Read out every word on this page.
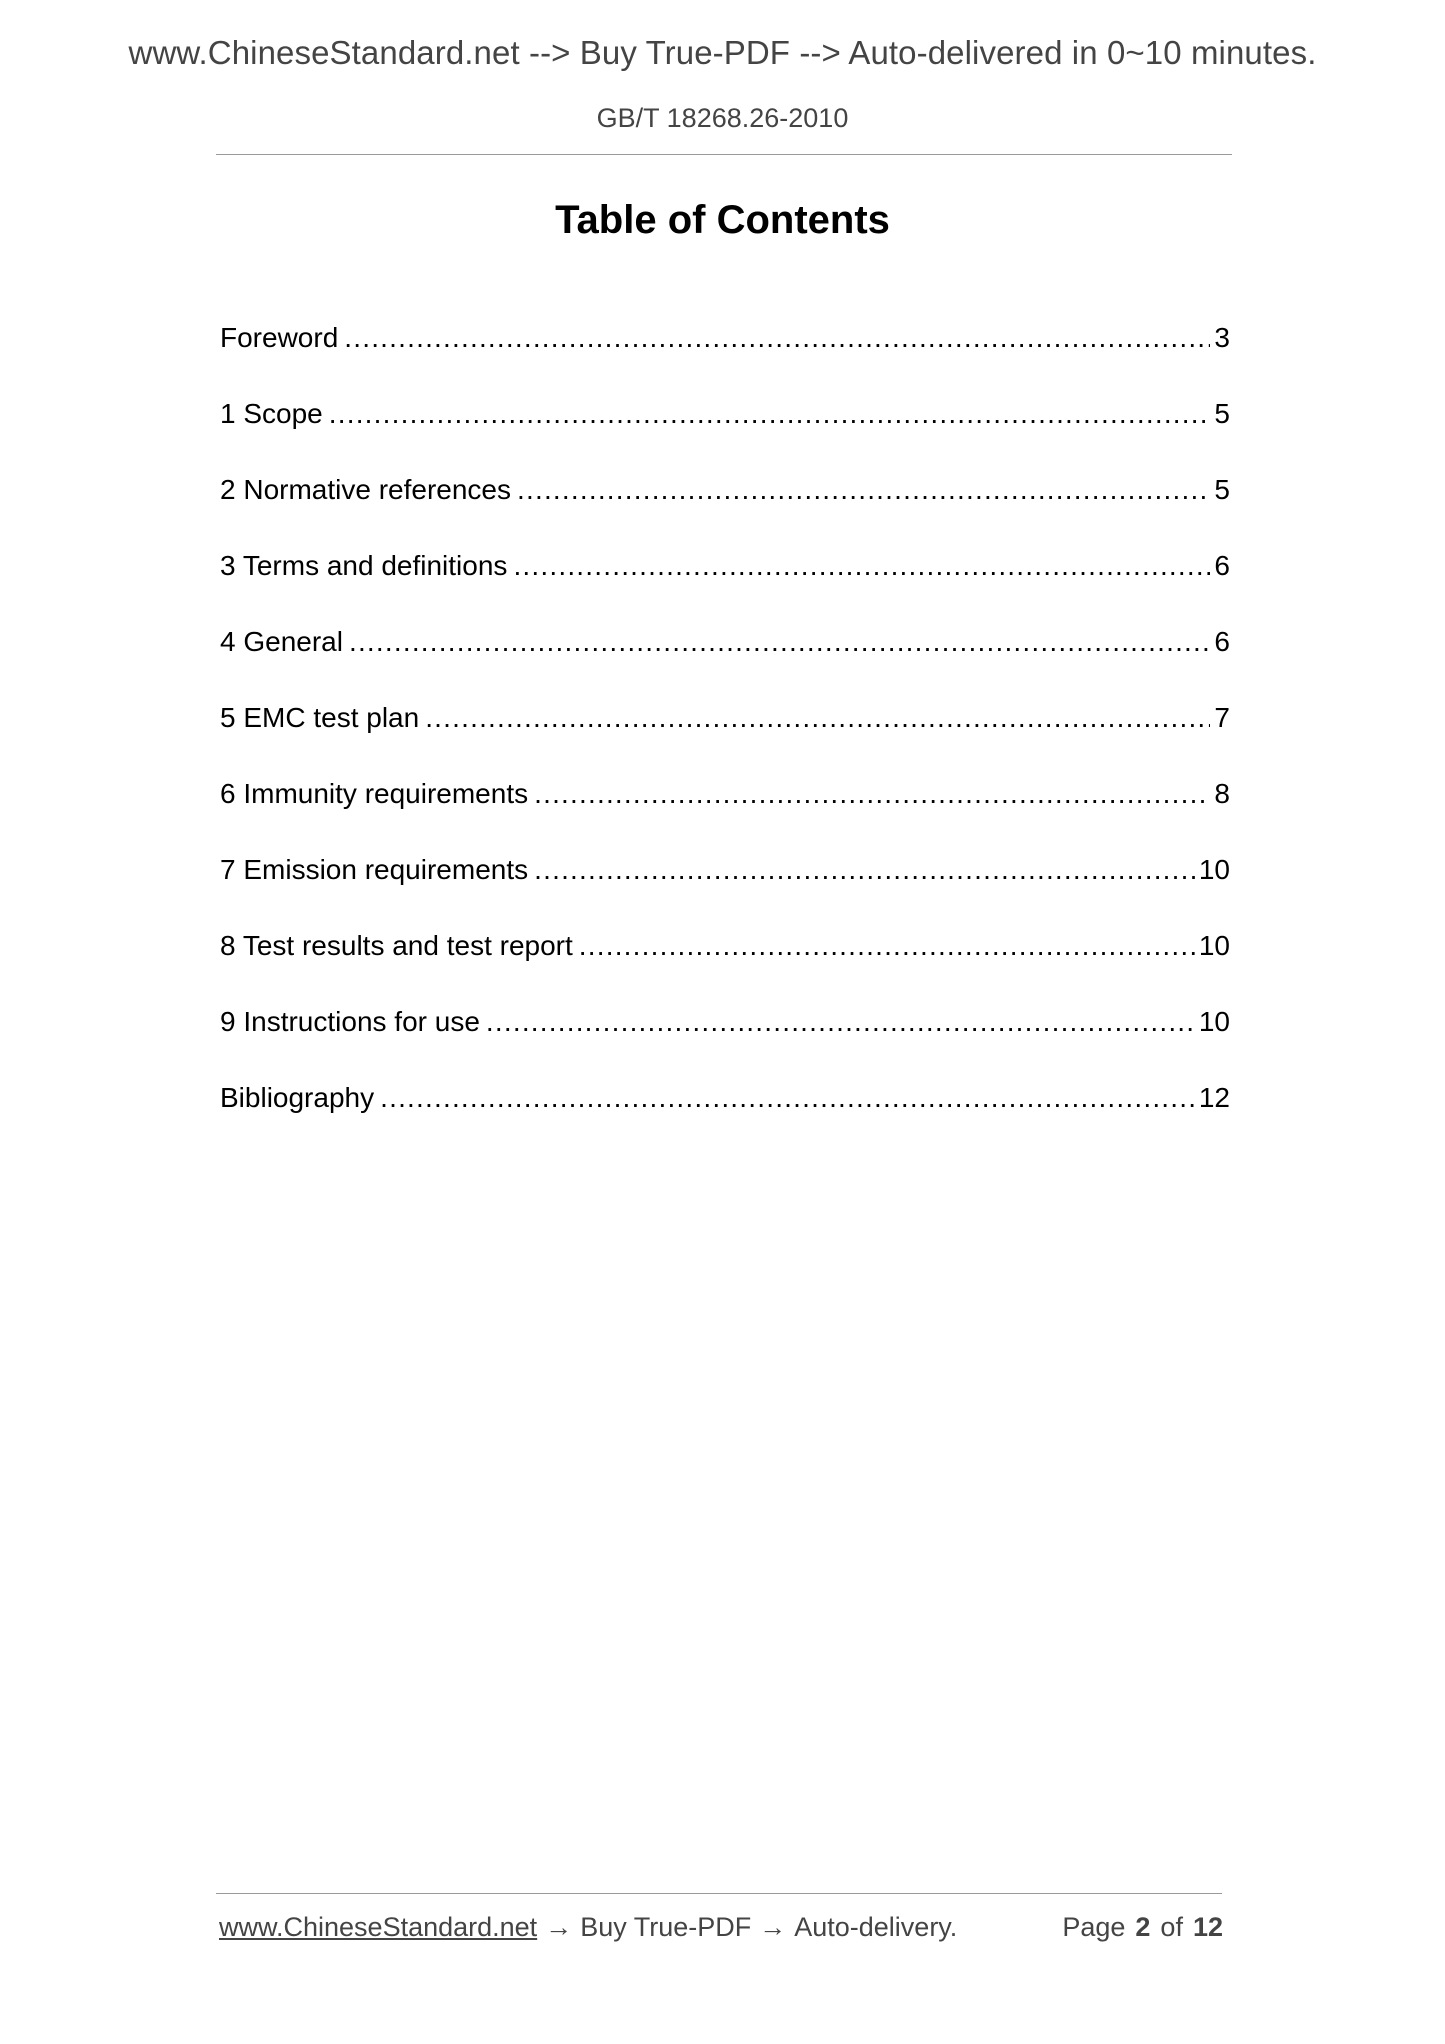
www.ChineseStandard.net --> Buy True-PDF --> Auto-delivered in 0~10 minutes.
GB/T 18268.26-2010
Table of Contents
Foreword .....	3
1 Scope .....	5
2 Normative references .....	5
3 Terms and definitions .....	6
4 General .....	6
5 EMC test plan .....	7
6 Immunity requirements .....	8
7 Emission requirements .....	10
8 Test results and test report .....	10
9 Instructions for use .....	10
Bibliography .....	12
www.ChineseStandard.net → Buy True-PDF → Auto-delivery.	Page 2 of 12
